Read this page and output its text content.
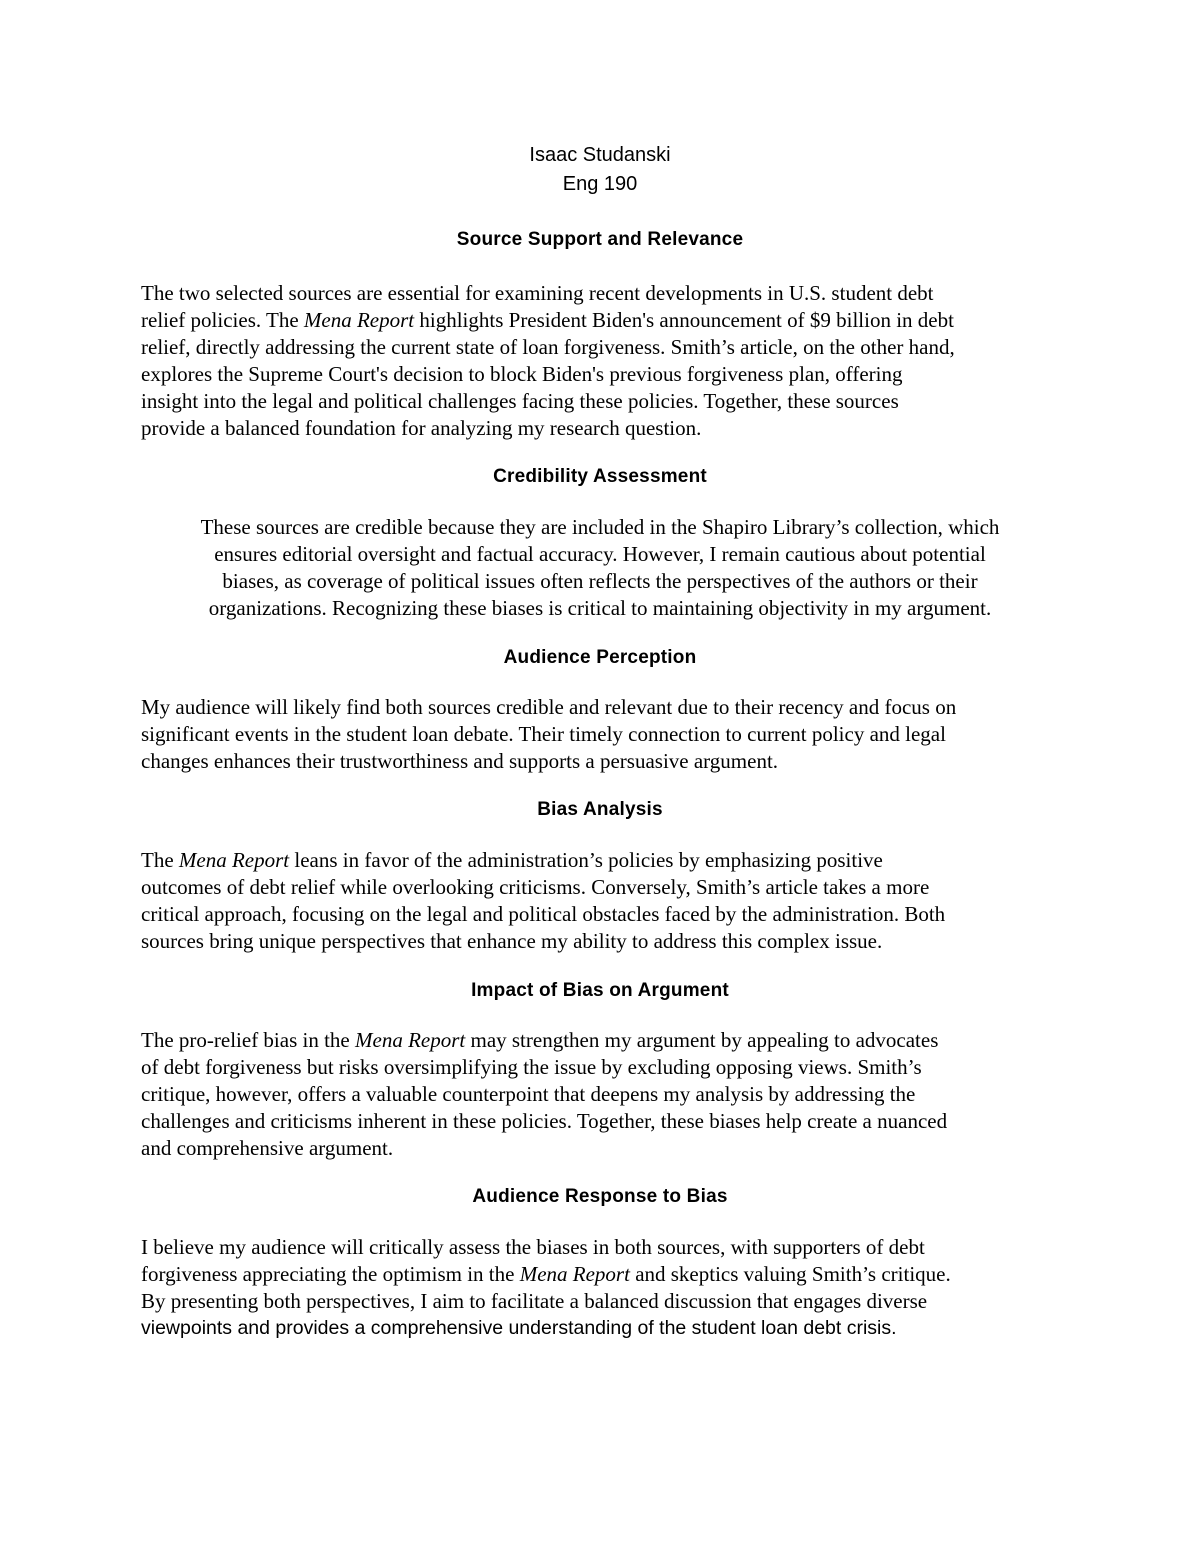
Isaac Studanski
Eng 190
Source Support and Relevance
The two selected sources are essential for examining recent developments in U.S. student debt
relief policies. The Mena Report highlights President Biden's announcement of $9 billion in debt
relief, directly addressing the current state of loan forgiveness. Smith’s article, on the other hand,
explores the Supreme Court's decision to block Biden's previous forgiveness plan, offering
insight into the legal and political challenges facing these policies. Together, these sources
provide a balanced foundation for analyzing my research question.
Credibility Assessment
These sources are credible because they are included in the Shapiro Library’s collection, which
ensures editorial oversight and factual accuracy. However, I remain cautious about potential
biases, as coverage of political issues often reflects the perspectives of the authors or their
organizations. Recognizing these biases is critical to maintaining objectivity in my argument.
Audience Perception
My audience will likely find both sources credible and relevant due to their recency and focus on
significant events in the student loan debate. Their timely connection to current policy and legal
changes enhances their trustworthiness and supports a persuasive argument.
Bias Analysis
The Mena Report leans in favor of the administration’s policies by emphasizing positive
outcomes of debt relief while overlooking criticisms. Conversely, Smith’s article takes a more
critical approach, focusing on the legal and political obstacles faced by the administration. Both
sources bring unique perspectives that enhance my ability to address this complex issue.
Impact of Bias on Argument
The pro-relief bias in the Mena Report may strengthen my argument by appealing to advocates
of debt forgiveness but risks oversimplifying the issue by excluding opposing views. Smith’s
critique, however, offers a valuable counterpoint that deepens my analysis by addressing the
challenges and criticisms inherent in these policies. Together, these biases help create a nuanced
and comprehensive argument.
Audience Response to Bias
I believe my audience will critically assess the biases in both sources, with supporters of debt
forgiveness appreciating the optimism in the Mena Report and skeptics valuing Smith’s critique.
By presenting both perspectives, I aim to facilitate a balanced discussion that engages diverse
viewpoints and provides a comprehensive understanding of the student loan debt crisis.
